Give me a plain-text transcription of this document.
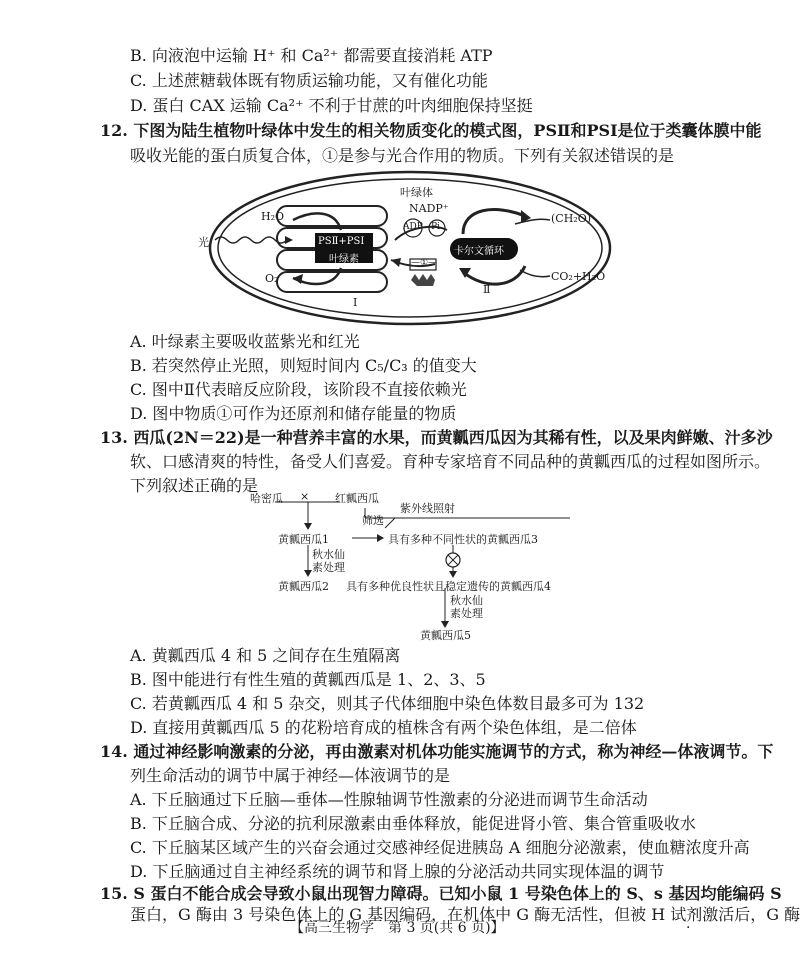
B. 向液泡中运输 H⁺ 和 Ca²⁺ 都需要直接消耗 ATP
C. 上述蔗糖载体既有物质运输功能，又有催化功能
D. 蛋白 CAX 运输 Ca²⁺ 不利于甘蔗的叶肉细胞保持坚挺
12. 下图为陆生植物叶绿体中发生的相关物质变化的模式图，PSⅡ和PSⅠ是位于类囊体膜中能
吸收光能的蛋白质复合体，①是参与光合作用的物质。下列有关叙述错误的是
叶绿体
光
H₂O
O₂
NADP⁺
ADP Pi
PSⅡ+PSⅠ
叶绿素	—①—
卡尔文循环
(CH₂O)
CO₂+H₂O
Ⅰ
Ⅱ
A. 叶绿素主要吸收蓝紫光和红光
B. 若突然停止光照，则短时间内 C₅/C₃ 的值变大
C. 图中Ⅱ代表暗反应阶段，该阶段不直接依赖光
D. 图中物质①可作为还原剂和储存能量的物质
13. 西瓜(2N＝22)是一种营养丰富的水果，而黄瓤西瓜因为其稀有性，以及果肉鲜嫩、汁多沙
软、口感清爽的特性，备受人们喜爱。育种专家培育不同品种的黄瓤西瓜的过程如图所示。
下列叙述正确的是
哈密瓜 × 红瓤西瓜
紫外线照射
筛选
黄瓤西瓜1	具有多种不同性状的黄瓤西瓜3
秋水仙
素处理
黄瓤西瓜2 具有多种优良性状且稳定遗传的黄瓤西瓜4
秋水仙
素处理
黄瓤西瓜5
A. 黄瓤西瓜 4 和 5 之间存在生殖隔离
B. 图中能进行有性生殖的黄瓤西瓜是 1、2、3、5
C. 若黄瓤西瓜 4 和 5 杂交，则其子代体细胞中染色体数目最多可为 132
D. 直接用黄瓤西瓜 5 的花粉培育成的植株含有两个染色体组，是二倍体
14. 通过神经影响激素的分泌，再由激素对机体功能实施调节的方式，称为神经—体液调节。下
列生命活动的调节中属于神经—体液调节的是
A. 下丘脑通过下丘脑—垂体—性腺轴调节性激素的分泌进而调节生命活动
B. 下丘脑合成、分泌的抗利尿激素由垂体释放，能促进肾小管、集合管重吸收水
C. 下丘脑某区域产生的兴奋会通过交感神经促进胰岛 A 细胞分泌激素，使血糖浓度升高
D. 下丘脑通过自主神经系统的调节和肾上腺的分泌活动共同实现体温的调节
15. S 蛋白不能合成会导致小鼠出现智力障碍。已知小鼠 1 号染色体上的 S、s 基因均能编码 S
蛋白，G 酶由 3 号染色体上的 G 基因编码，在机体中 G 酶无活性，但被 H 试剂激活后，G 酶
【高三生物学　第 3 页(共 6 页)】	·
